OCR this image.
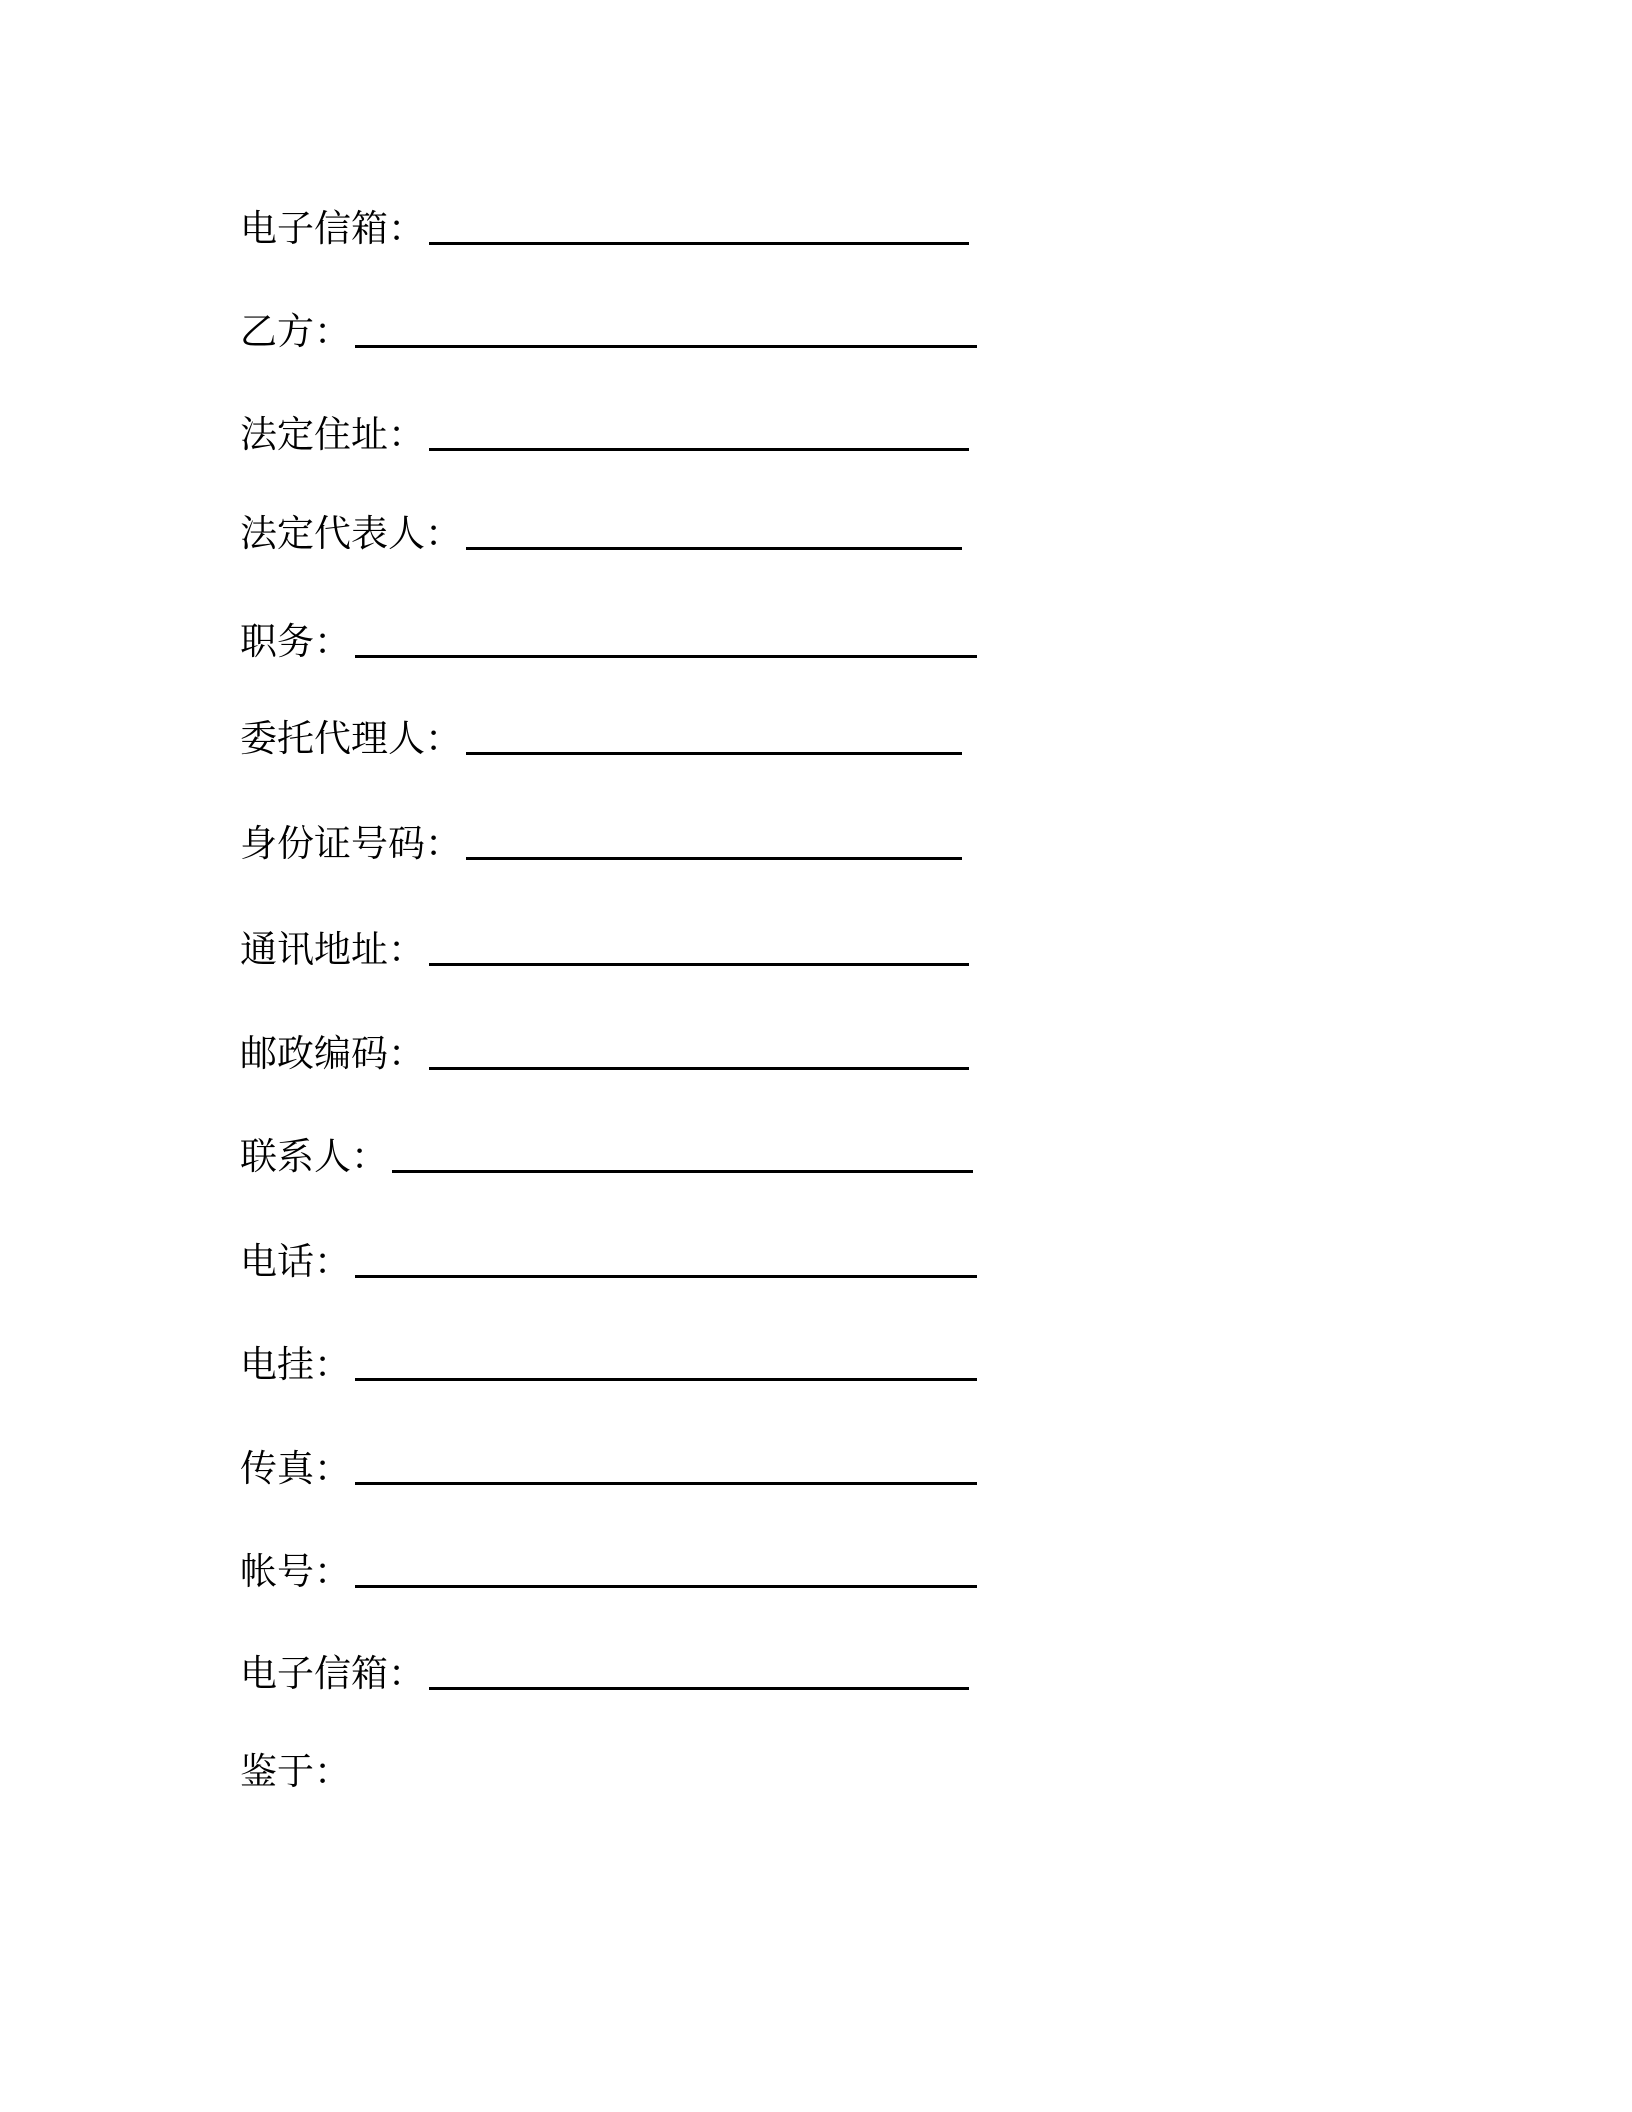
电子信箱：
乙方：
法定住址：
法定代表人：
职务：
委托代理人：
身份证号码：
通讯地址：
邮政编码：
联系人：
电话：
电挂：
传真：
帐号：
电子信箱：
鉴于：
